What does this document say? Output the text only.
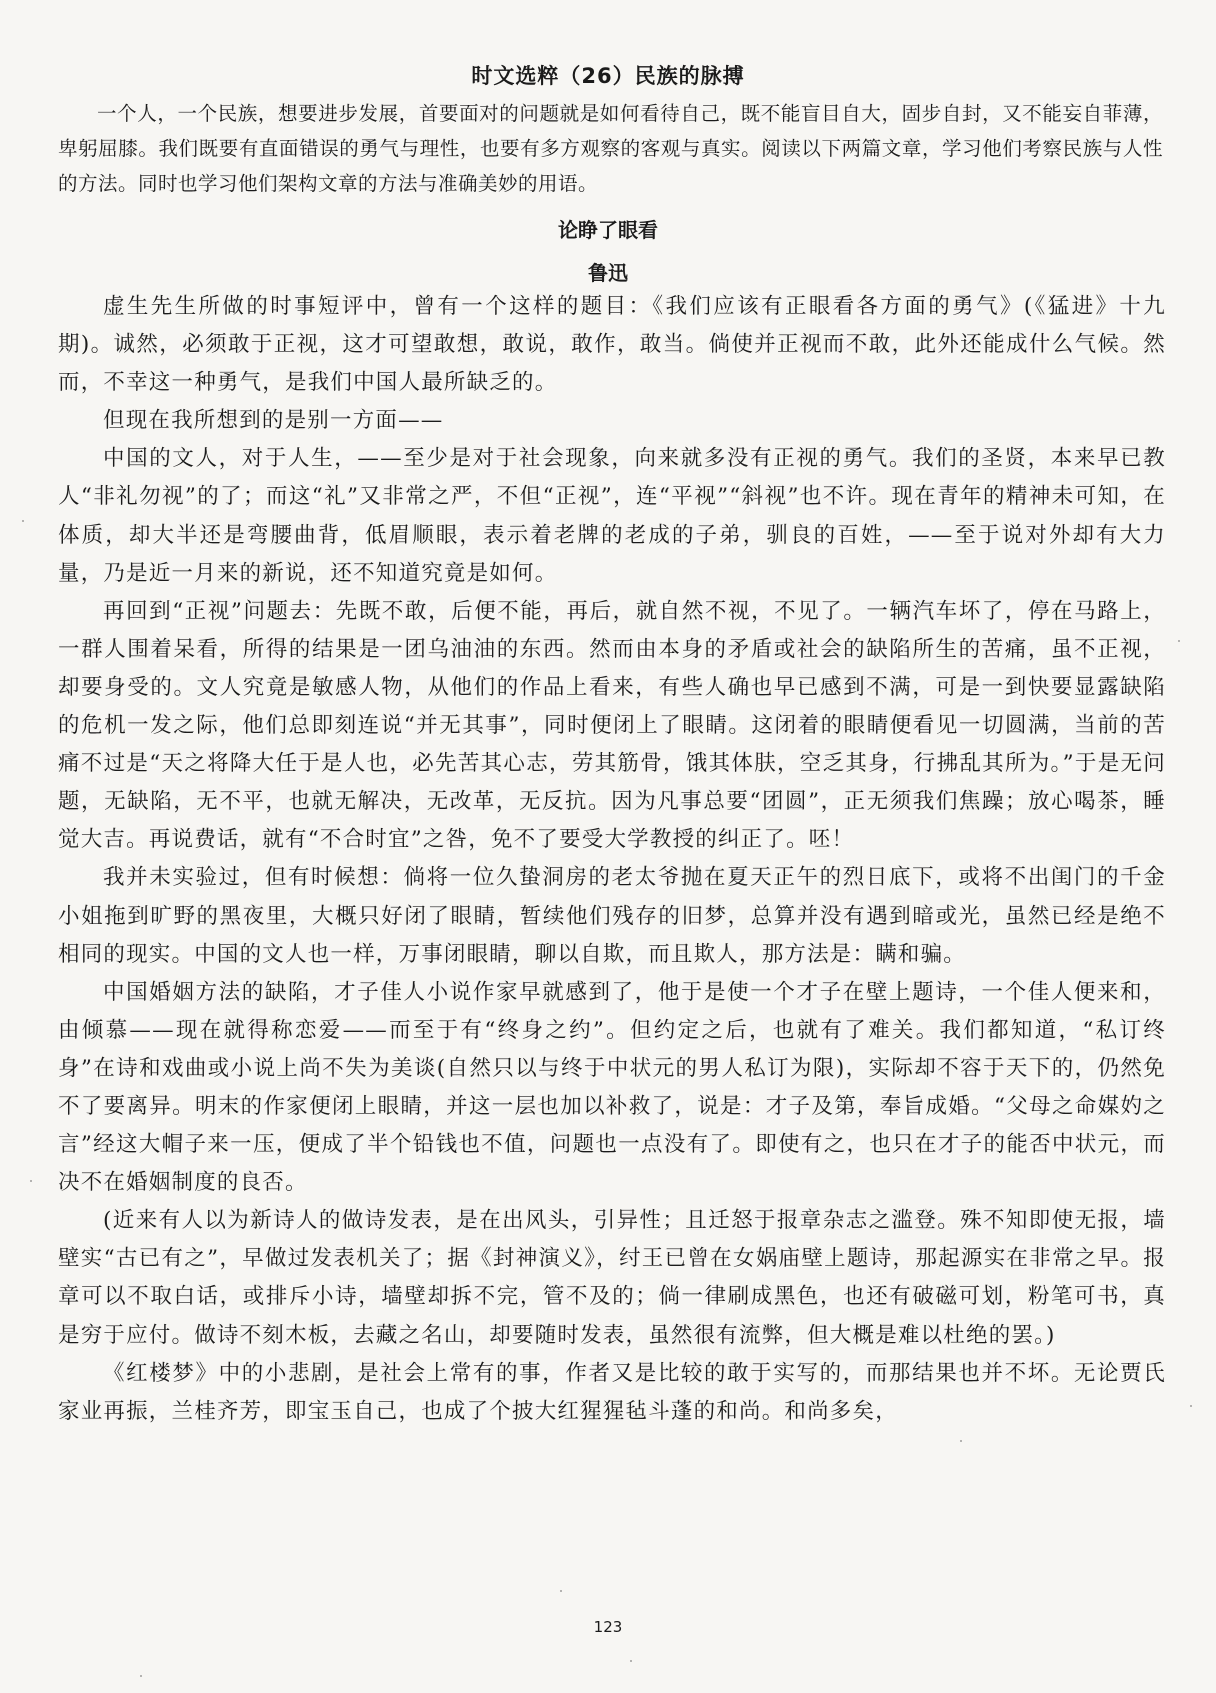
时文选粹（26）民族的脉搏
一个人，一个民族，想要进步发展，首要面对的问题就是如何看待自己，既不能盲目自大，固步自封，又不能妄自菲薄，卑躬屈膝。我们既要有直面错误的勇气与理性，也要有多方观察的客观与真实。阅读以下两篇文章，学习他们考察民族与人性的方法。同时也学习他们架构文章的方法与准确美妙的用语。
论睁了眼看
鲁迅

虚生先生所做的时事短评中，曾有一个这样的题目：《我们应该有正眼看各方面的勇气》(《猛进》十九期)。诚然，必须敢于正视，这才可望敢想，敢说，敢作，敢当。倘使并正视而不敢，此外还能成什么气候。然而，不幸这一种勇气，是我们中国人最所缺乏的。

但现在我所想到的是别一方面——

中国的文人，对于人生，——至少是对于社会现象，向来就多没有正视的勇气。我们的圣贤，本来早已教人“非礼勿视”的了；而这“礼”又非常之严，不但“正视”，连“平视”“斜视”也不许。现在青年的精神未可知，在体质，却大半还是弯腰曲背，低眉顺眼，表示着老牌的老成的子弟，驯良的百姓，——至于说对外却有大力量，乃是近一月来的新说，还不知道究竟是如何。

再回到“正视”问题去：先既不敢，后便不能，再后，就自然不视，不见了。一辆汽车坏了，停在马路上，一群人围着呆看，所得的结果是一团乌油油的东西。然而由本身的矛盾或社会的缺陷所生的苦痛，虽不正视，却要身受的。文人究竟是敏感人物，从他们的作品上看来，有些人确也早已感到不满，可是一到快要显露缺陷的危机一发之际，他们总即刻连说“并无其事”，同时便闭上了眼睛。这闭着的眼睛便看见一切圆满，当前的苦痛不过是“天之将降大任于是人也，必先苦其心志，劳其筋骨，饿其体肤，空乏其身，行拂乱其所为。”于是无问题，无缺陷，无不平，也就无解决，无改革，无反抗。因为凡事总要“团圆”，正无须我们焦躁；放心喝茶，睡觉大吉。再说费话，就有“不合时宜”之咎，免不了要受大学教授的纠正了。呸！

我并未实验过，但有时候想：倘将一位久蛰洞房的老太爷抛在夏天正午的烈日底下，或将不出闺门的千金小姐拖到旷野的黑夜里，大概只好闭了眼睛，暂续他们残存的旧梦，总算并没有遇到暗或光，虽然已经是绝不相同的现实。中国的文人也一样，万事闭眼睛，聊以自欺，而且欺人，那方法是：瞒和骗。

中国婚姻方法的缺陷，才子佳人小说作家早就感到了，他于是使一个才子在壁上题诗，一个佳人便来和，由倾慕——现在就得称恋爱——而至于有“终身之约”。但约定之后，也就有了难关。我们都知道，“私订终身”在诗和戏曲或小说上尚不失为美谈(自然只以与终于中状元的男人私订为限)，实际却不容于天下的，仍然免不了要离异。明末的作家便闭上眼睛，并这一层也加以补救了，说是：才子及第，奉旨成婚。“父母之命媒妁之言”经这大帽子来一压，便成了半个铅钱也不值，问题也一点没有了。即使有之，也只在才子的能否中状元，而决不在婚姻制度的良否。

(近来有人以为新诗人的做诗发表，是在出风头，引异性；且迁怒于报章杂志之滥登。殊不知即使无报，墙壁实“古已有之”，早做过发表机关了；据《封神演义》，纣王已曾在女娲庙壁上题诗，那起源实在非常之早。报章可以不取白话，或排斥小诗，墙壁却拆不完，管不及的；倘一律刷成黑色，也还有破磁可划，粉笔可书，真是穷于应付。做诗不刻木板，去藏之名山，却要随时发表，虽然很有流弊，但大概是难以杜绝的罢。)

《红楼梦》中的小悲剧，是社会上常有的事，作者又是比较的敢于实写的，而那结果也并不坏。无论贾氏家业再振，兰桂齐芳，即宝玉自己，也成了个披大红猩猩毡斗蓬的和尚。和尚多矣，

123
